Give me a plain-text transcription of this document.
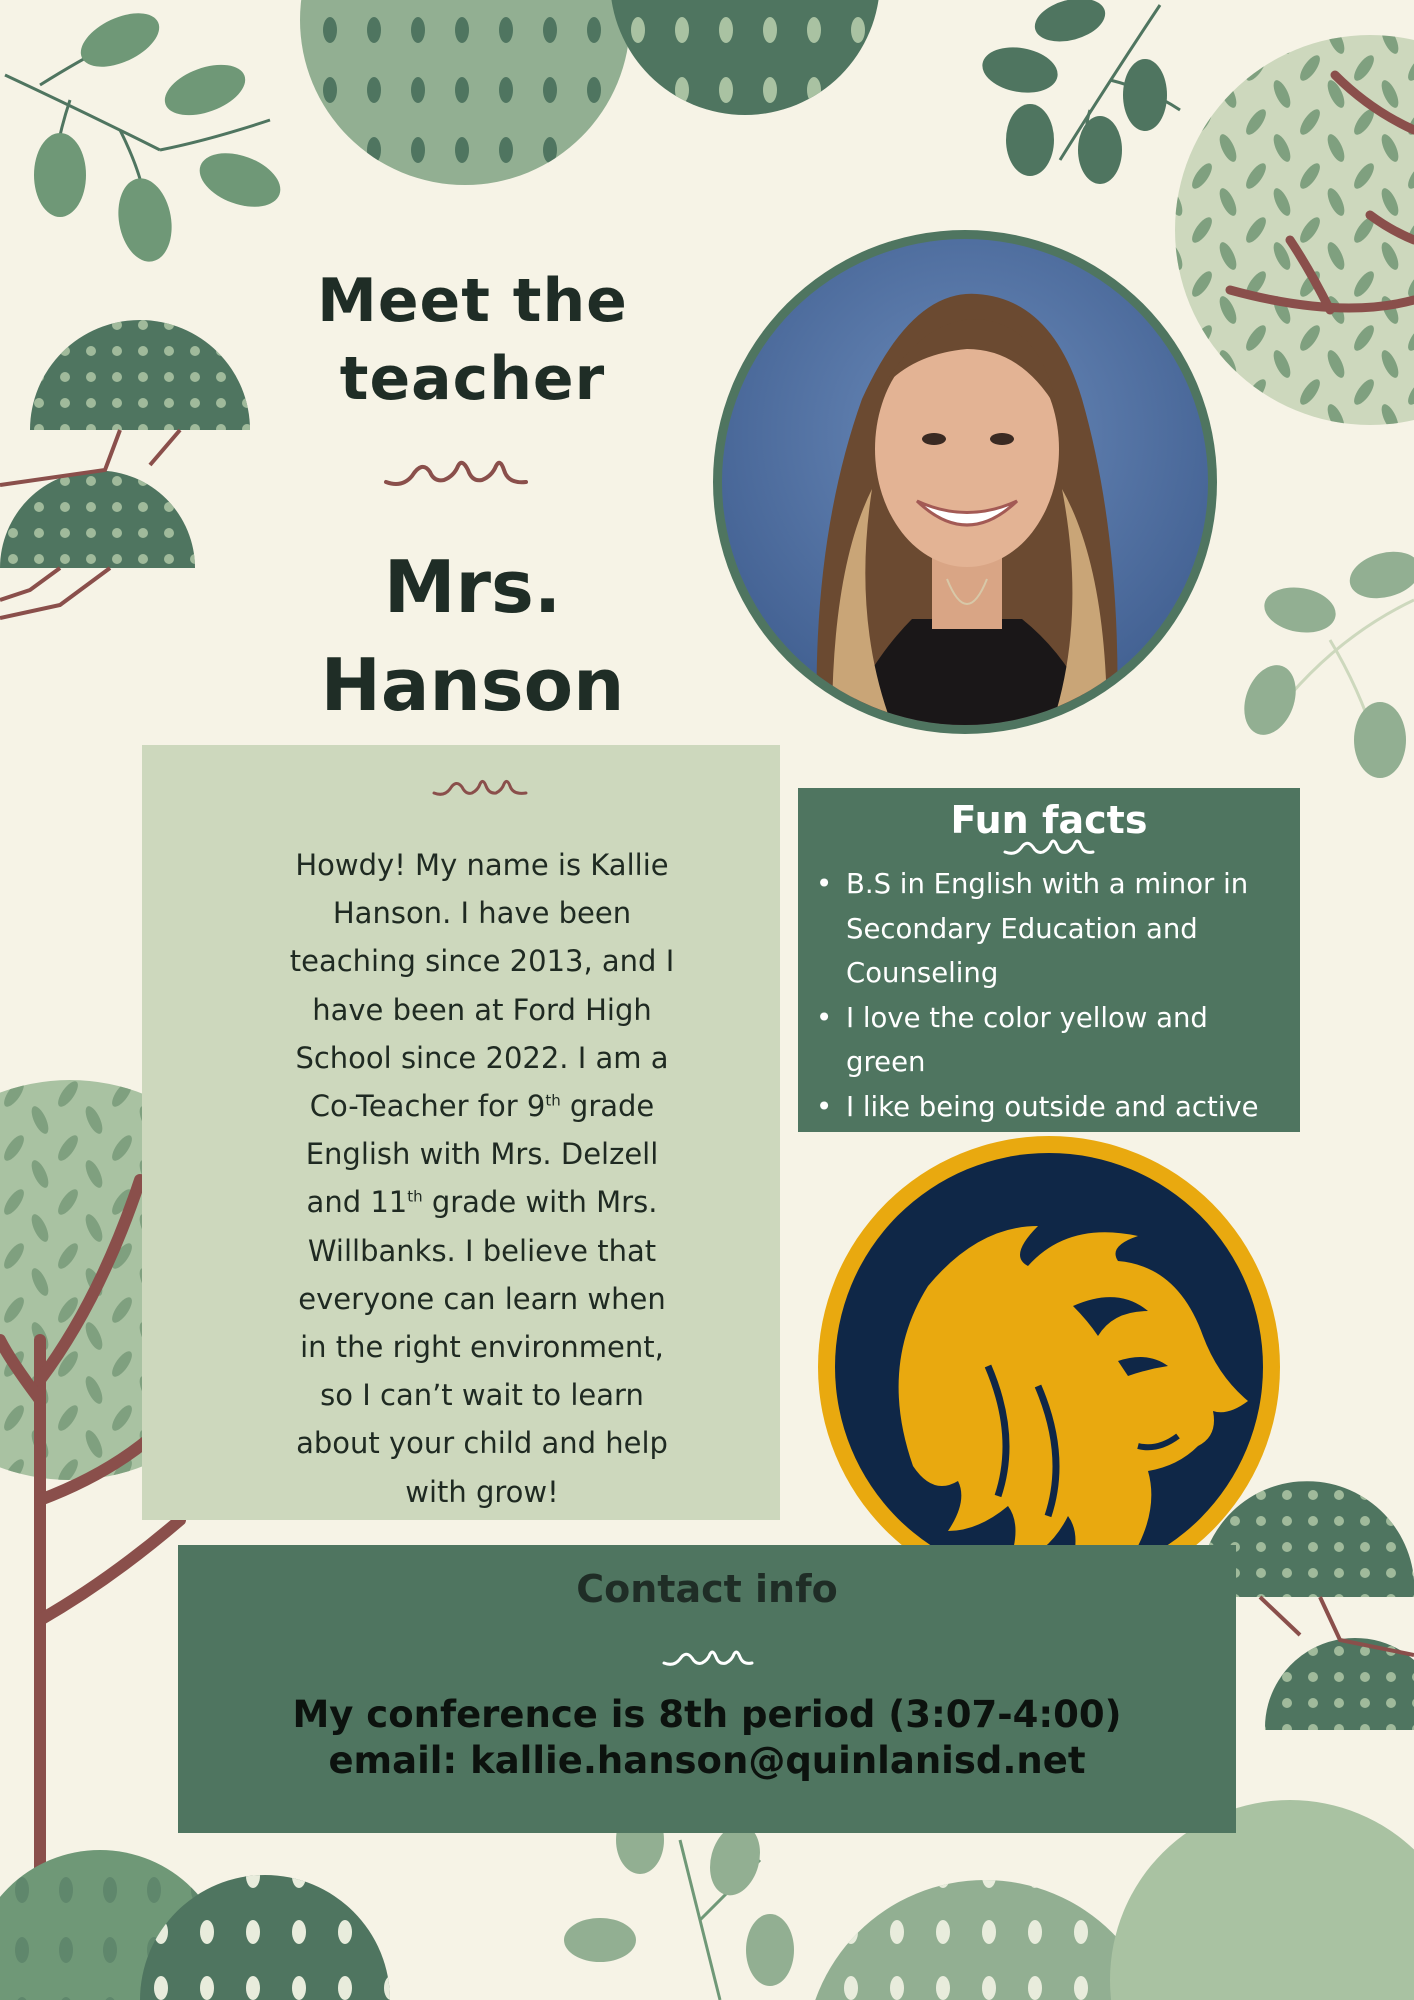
Meet the
teacher
Mrs.
Hanson
Howdy! My name is Kallie
Hanson. I have been
teaching since 2013, and I
have been at Ford High
School since 2022. I am a
Co-Teacher for 9th grade
English with Mrs. Delzell
and 11th grade with Mrs.
Willbanks. I believe that
everyone can learn when
in the right environment,
so I can’t wait to learn
about your child and help
with grow!
Fun facts
• B.S in English with a minor in Secondary Education and Counseling
• I love the color yellow and green
• I like being outside and active
Contact info
My conference is 8th period (3:07-4:00)
email: kallie.hanson@quinlanisd.net
